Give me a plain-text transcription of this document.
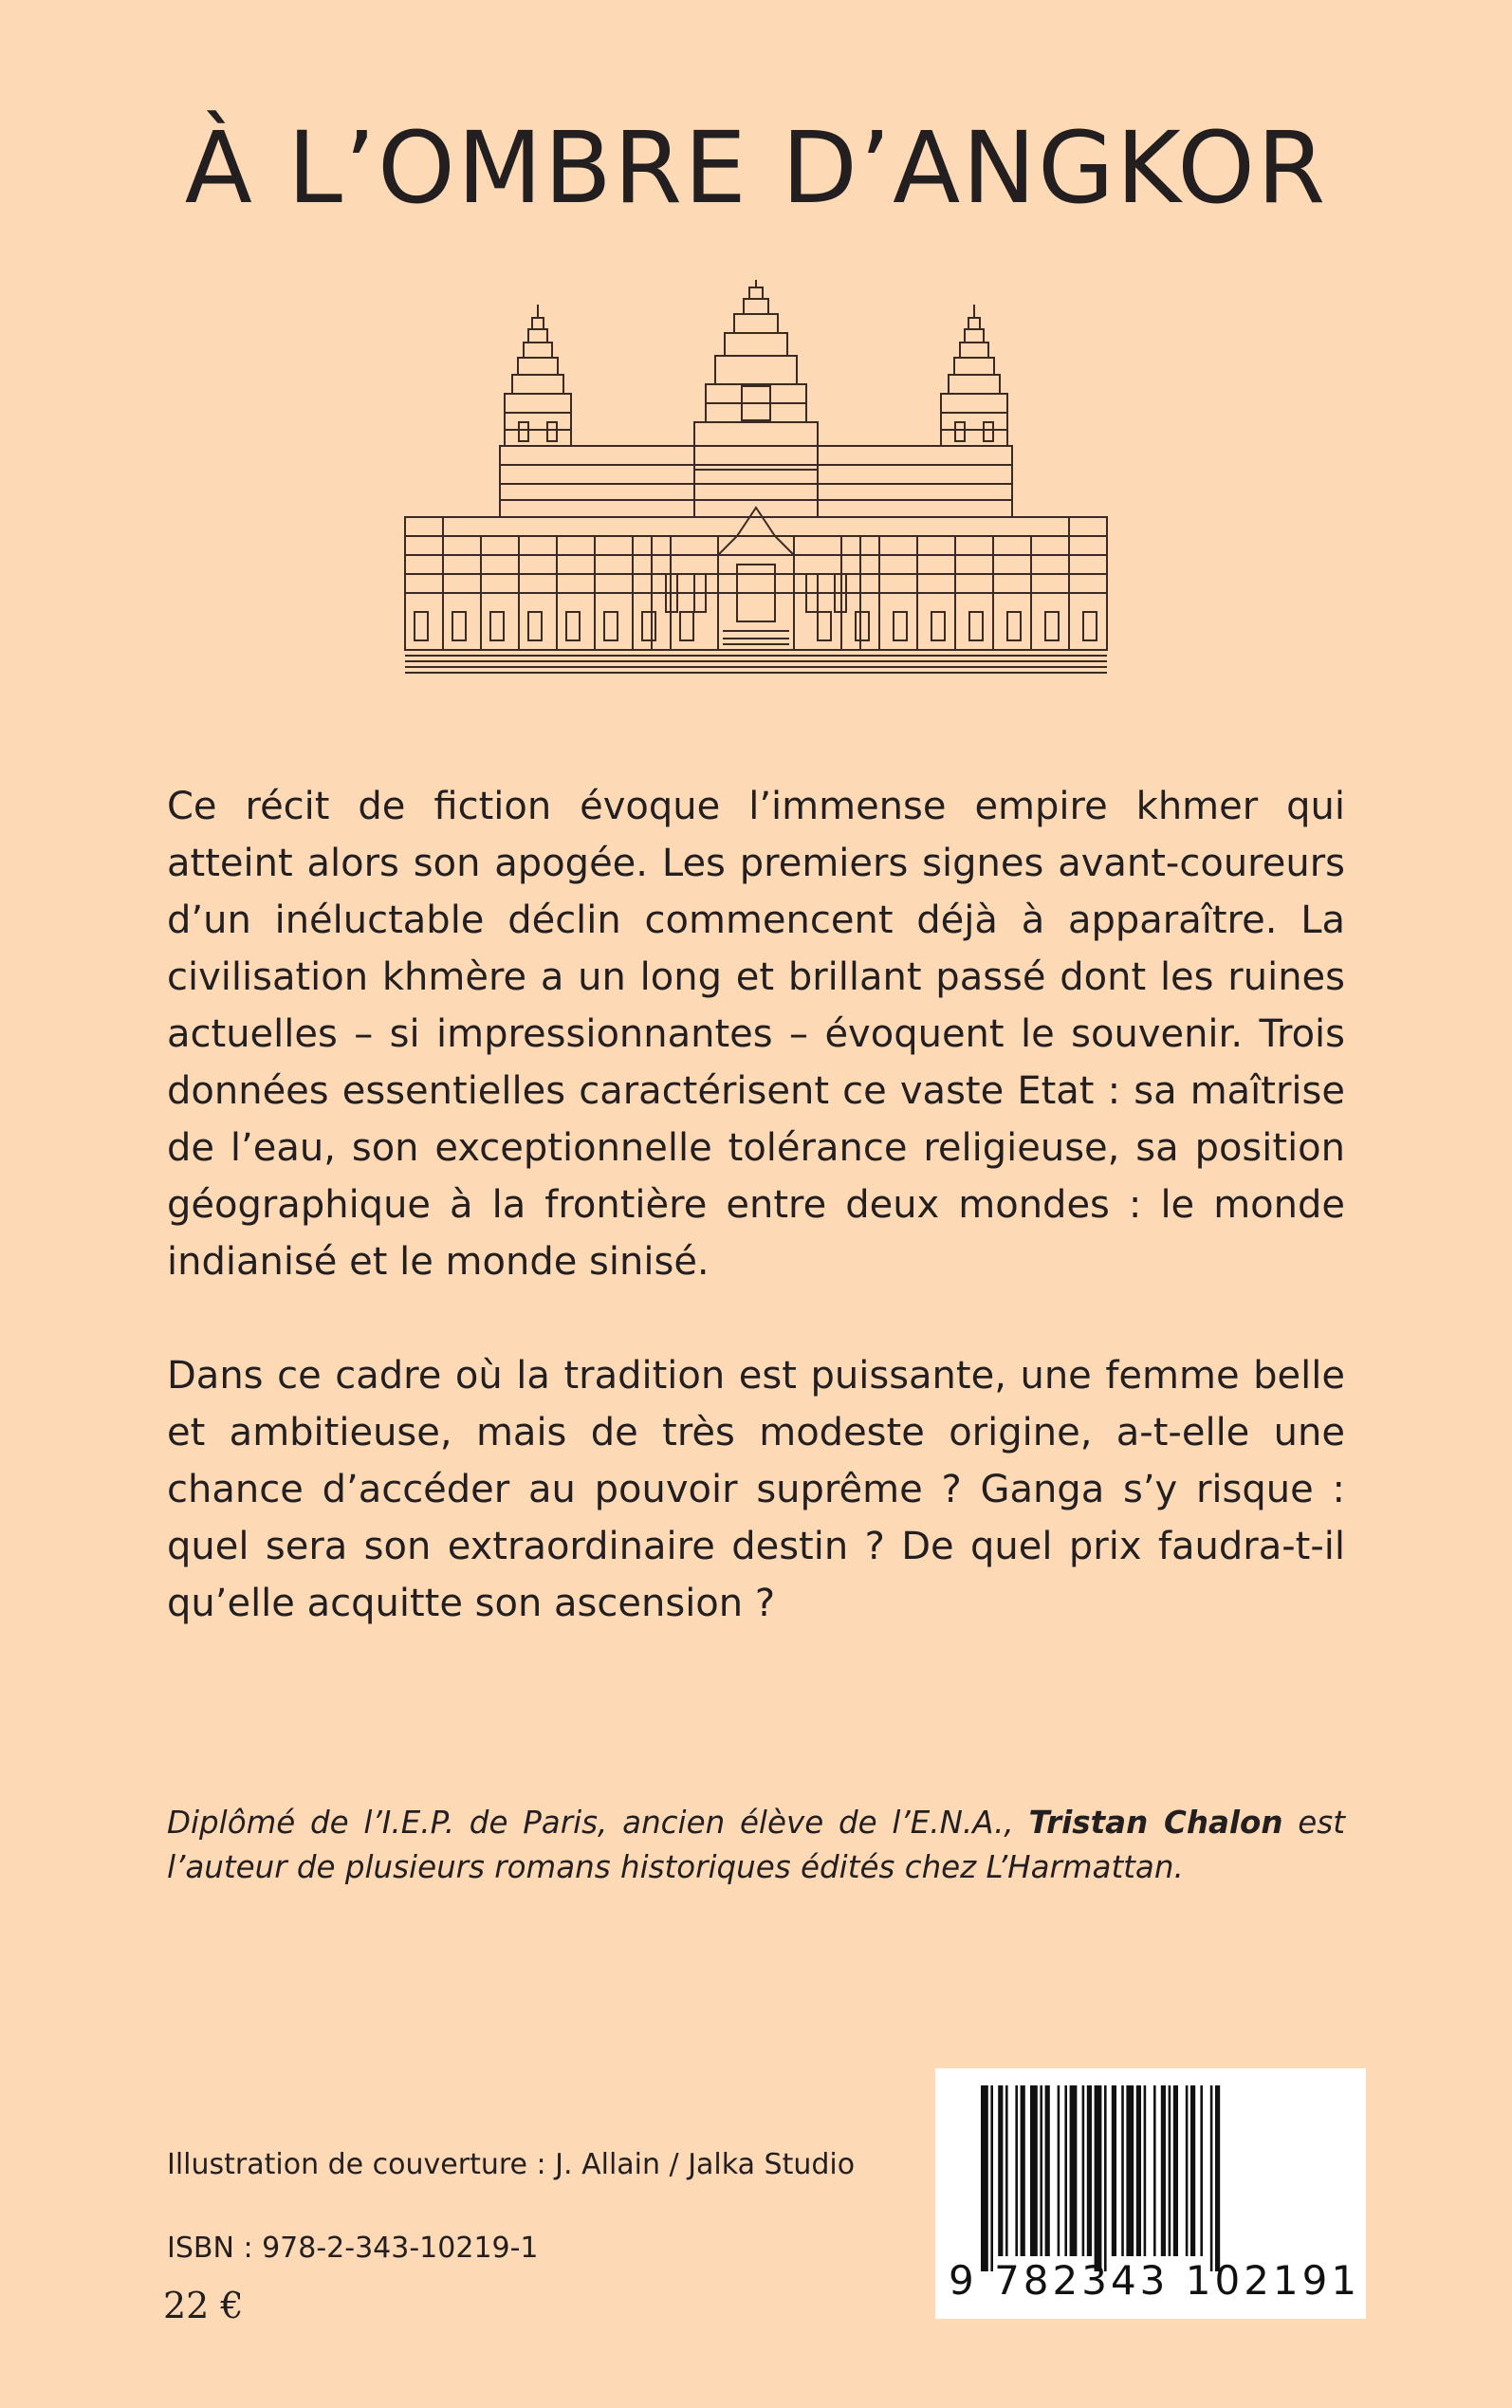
À L’OMBRE D’ANGKOR

Ce récit de fiction évoque l’immense empire khmer qui atteint alors son apogée. Les premiers signes avant-coureurs d’un inéluctable déclin commencent déjà à apparaître. La civilisation khmère a un long et brillant passé dont les ruines actuelles – si impressionnantes – évoquent le souvenir. Trois données essentielles caractérisent ce vaste Etat : sa maîtrise de l’eau, son exceptionnelle tolérance religieuse, sa position géographique à la frontière entre deux mondes : le monde indianisé et le monde sinisé.

Dans ce cadre où la tradition est puissante, une femme belle et ambitieuse, mais de très modeste origine, a-t-elle une chance d’accéder au pouvoir suprême ? Ganga s’y risque : quel sera son extraordinaire destin ? De quel prix faudra-t-il qu’elle acquitte son ascension ?

Diplômé de l’I.E.P. de Paris, ancien élève de l’E.N.A., Tristan Chalon est l’auteur de plusieurs romans historiques édités chez L’Harmattan.
Illustration de couverture : J. Allain / Jalka Studio
ISBN : 978-2-343-10219-1
22 €
9 782343 102191
